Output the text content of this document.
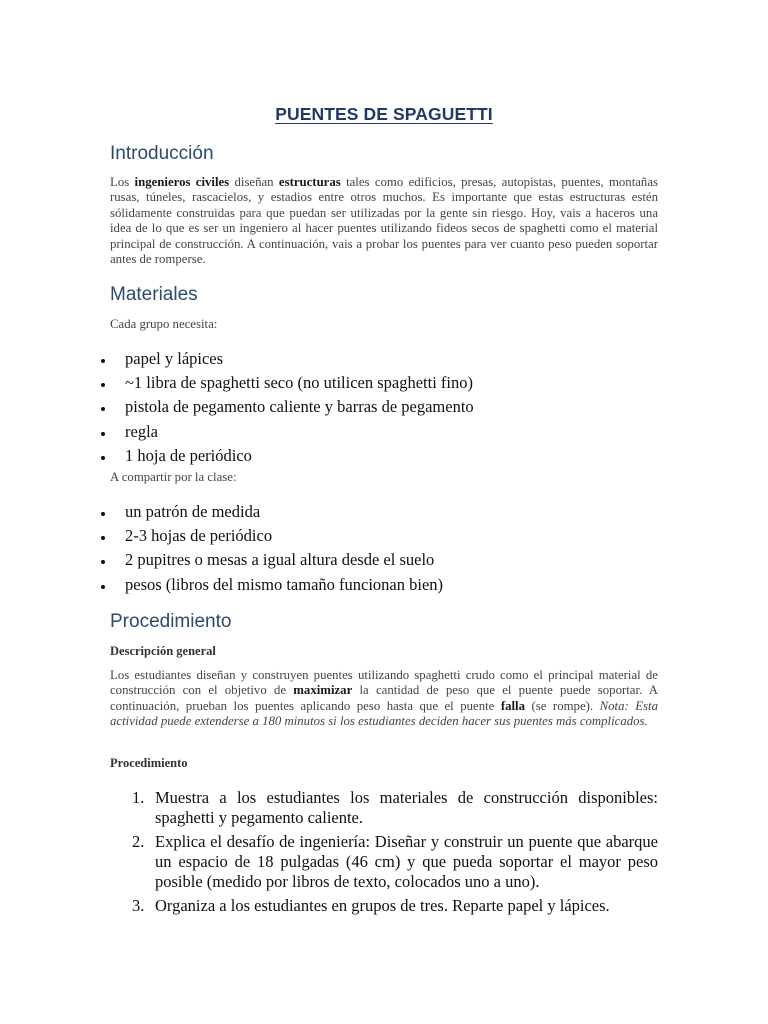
PUENTES DE SPAGUETTI
Introducción

Los ingenieros civiles diseñan estructuras tales como edificios, presas, autopistas, puentes, montañas rusas, túneles, rascacielos, y estadios entre otros muchos. Es importante que estas estructuras estén sólidamente construidas para que puedan ser utilizadas por la gente sin riesgo. Hoy, vais a haceros una idea de lo que es ser un ingeniero al hacer puentes utilizando fideos secos de spaghetti como el material principal de construcción. A continuación, vais a probar los puentes para ver cuanto peso pueden soportar antes de romperse.

Materiales

Cada grupo necesita:

papel y lápices
~1 libra de spaghetti seco (no utilicen spaghetti fino)
pistola de pegamento caliente y barras de pegamento
regla
1 hoja de periódico

A compartir por la clase:

un patrón de medida
2-3 hojas de periódico
2 pupitres o mesas a igual altura desde el suelo
pesos (libros del mismo tamaño funcionan bien)
Procedimiento

Descripción general

Los estudiantes diseñan y construyen puentes utilizando spaghetti crudo como el principal material de construcción con el objetivo de maximizar la cantidad de peso que el puente puede soportar. A continuación, prueban los puentes aplicando peso hasta que el puente falla (se rompe). Nota: Esta actividad puede extenderse a 180 minutos si los estudiantes deciden hacer sus puentes más complicados.

Procedimiento

1. Muestra a los estudiantes los materiales de construcción disponibles: spaghetti y pegamento caliente.
2. Explica el desafío de ingeniería: Diseñar y construir un puente que abarque un espacio de 18 pulgadas (46 cm) y que pueda soportar el mayor peso posible (medido por libros de texto, colocados uno a uno).
3. Organiza a los estudiantes en grupos de tres. Reparte papel y lápices.
